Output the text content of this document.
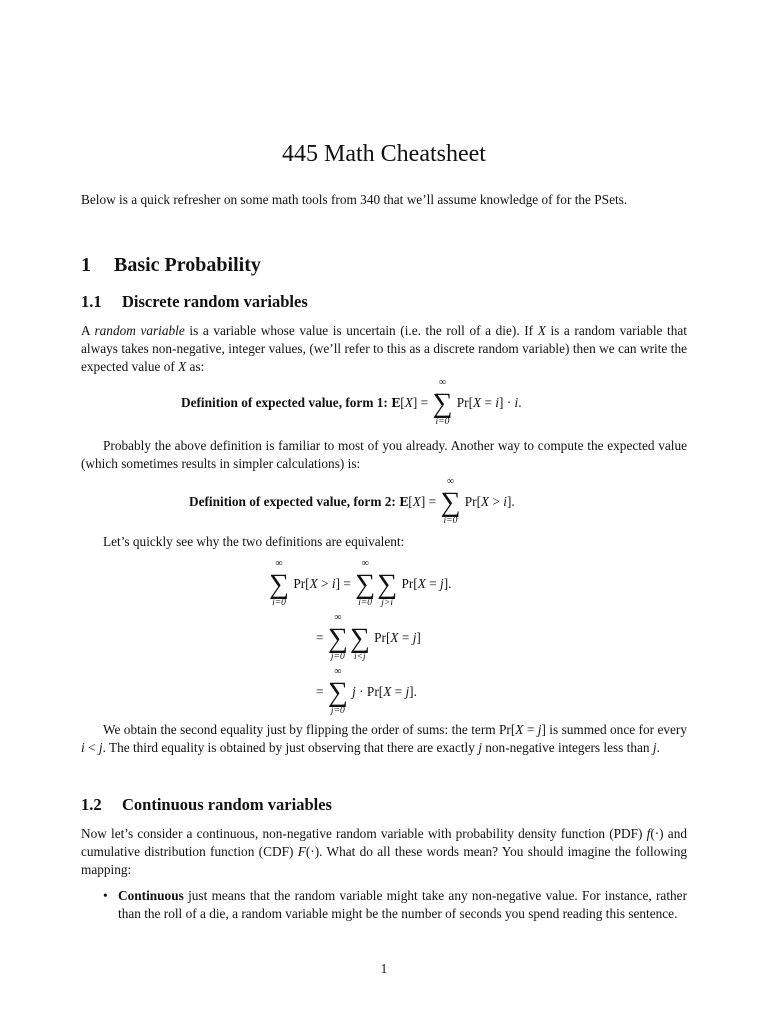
445 Math Cheatsheet

Below is a quick refresher on some math tools from 340 that we’ll assume knowledge of for the PSets.

1 Basic Probability
1.1 Discrete random variables

A random variable is a variable whose value is uncertain (i.e. the roll of a die). If X is a random variable that always takes non-negative, integer values, (we’ll refer to this as a discrete random variable) then we can write the expected value of X as:

Definition of expected value, form 1: E[X] =
∞
∑
i=0
Pr[X = i] · i.

Probably the above definition is familiar to most of you already. Another way to compute the expected value (which sometimes results in simpler calculations) is:

Definition of expected value, form 2: E[X] =
∞
∑
i=0
Pr[X > i].

Let’s quickly see why the two definitions are equivalent:

∞
∑
i=0
Pr[X > i] =
∞
∑
i=0
∑
j>i
Pr[X = j].
=
∞
∑
j=0
∑
i<j
Pr[X = j]
=
∞
∑
j=0
j · Pr[X = j].

We obtain the second equality just by flipping the order of sums: the term Pr[X = j] is summed once for every i < j. The third equality is obtained by just observing that there are exactly j non-negative integers less than j.

1.2 Continuous random variables

Now let’s consider a continuous, non-negative random variable with probability density function (PDF) f(·) and cumulative distribution function (CDF) F(·). What do all these words mean? You should imagine the following mapping:

• Continuous just means that the random variable might take any non-negative value. For instance, rather than the roll of a die, a random variable might be the number of seconds you spend reading this sentence.
1
